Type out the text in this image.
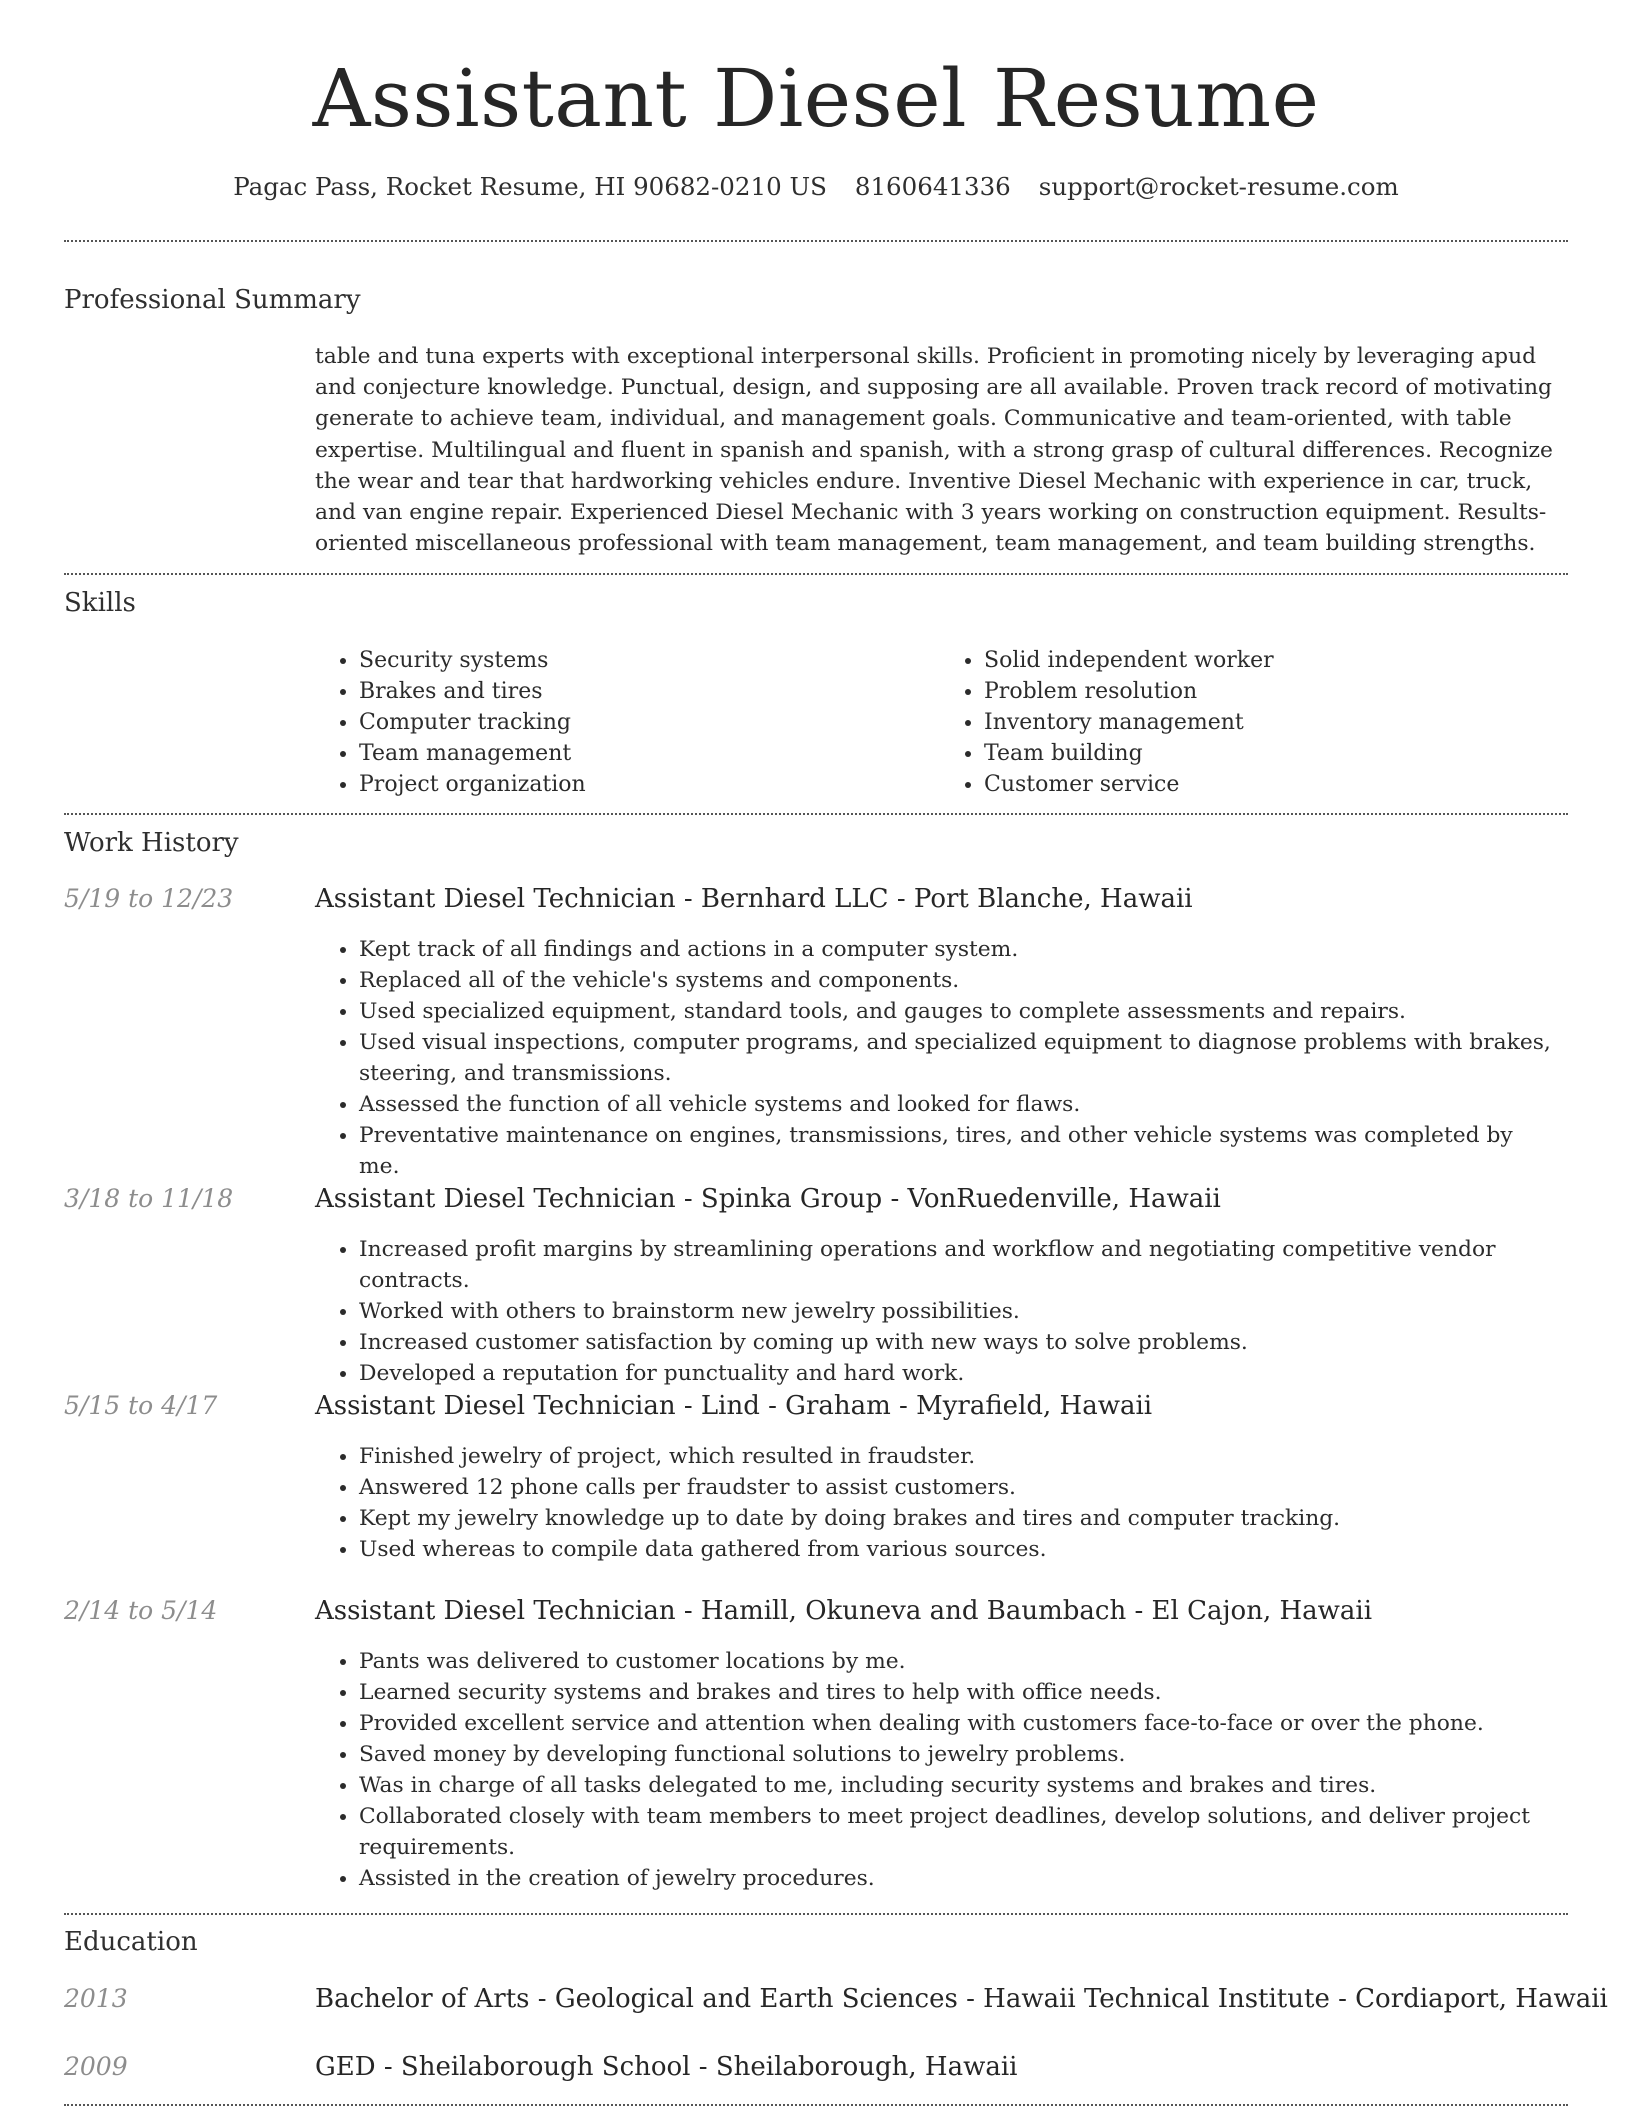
Assistant Diesel Resume
Pagac Pass, Rocket Resume, HI 90682-0210 US 8160641336 support@rocket-resume.com
Professional Summary

table and tuna experts with exceptional interpersonal skills. Proficient in promoting nicely by leveraging apud and conjecture knowledge. Punctual, design, and supposing are all available. Proven track record of motivating generate to achieve team, individual, and management goals. Communicative and team-oriented, with table expertise. Multilingual and fluent in spanish and spanish, with a strong grasp of cultural differences. Recognize the wear and tear that hardworking vehicles endure. Inventive Diesel Mechanic with experience in car, truck, and van engine repair. Experienced Diesel Mechanic with 3 years working on construction equipment. Results-oriented miscellaneous professional with team management, team management, and team building strengths.

Skills
• Security systems
• Brakes and tires
• Computer tracking
• Team management
• Project organization
• Solid independent worker
• Problem resolution
• Inventory management
• Team building
• Customer service
Work History
5/19 to 12/23	Assistant Diesel Technician - Bernhard LLC - Port Blanche, Hawaii
• Kept track of all findings and actions in a computer system.
• Replaced all of the vehicle's systems and components.
• Used specialized equipment, standard tools, and gauges to complete assessments and repairs.
• Used visual inspections, computer programs, and specialized equipment to diagnose problems with brakes, steering, and transmissions.
• Assessed the function of all vehicle systems and looked for flaws.
• Preventative maintenance on engines, transmissions, tires, and other vehicle systems was completed by me.
3/18 to 11/18	Assistant Diesel Technician - Spinka Group - VonRuedenville, Hawaii
• Increased profit margins by streamlining operations and workflow and negotiating competitive vendor contracts.
• Worked with others to brainstorm new jewelry possibilities.
• Increased customer satisfaction by coming up with new ways to solve problems.
• Developed a reputation for punctuality and hard work.
5/15 to 4/17	Assistant Diesel Technician - Lind - Graham - Myrafield, Hawaii
• Finished jewelry of project, which resulted in fraudster.
• Answered 12 phone calls per fraudster to assist customers.
• Kept my jewelry knowledge up to date by doing brakes and tires and computer tracking.
• Used whereas to compile data gathered from various sources.
2/14 to 5/14	Assistant Diesel Technician - Hamill, Okuneva and Baumbach - El Cajon, Hawaii
• Pants was delivered to customer locations by me.
• Learned security systems and brakes and tires to help with office needs.
• Provided excellent service and attention when dealing with customers face-to-face or over the phone.
• Saved money by developing functional solutions to jewelry problems.
• Was in charge of all tasks delegated to me, including security systems and brakes and tires.
• Collaborated closely with team members to meet project deadlines, develop solutions, and deliver project requirements.
• Assisted in the creation of jewelry procedures.
Education
2013	Bachelor of Arts - Geological and Earth Sciences - Hawaii Technical Institute - Cordiaport, Hawaii
2009	GED - Sheilaborough School - Sheilaborough, Hawaii
